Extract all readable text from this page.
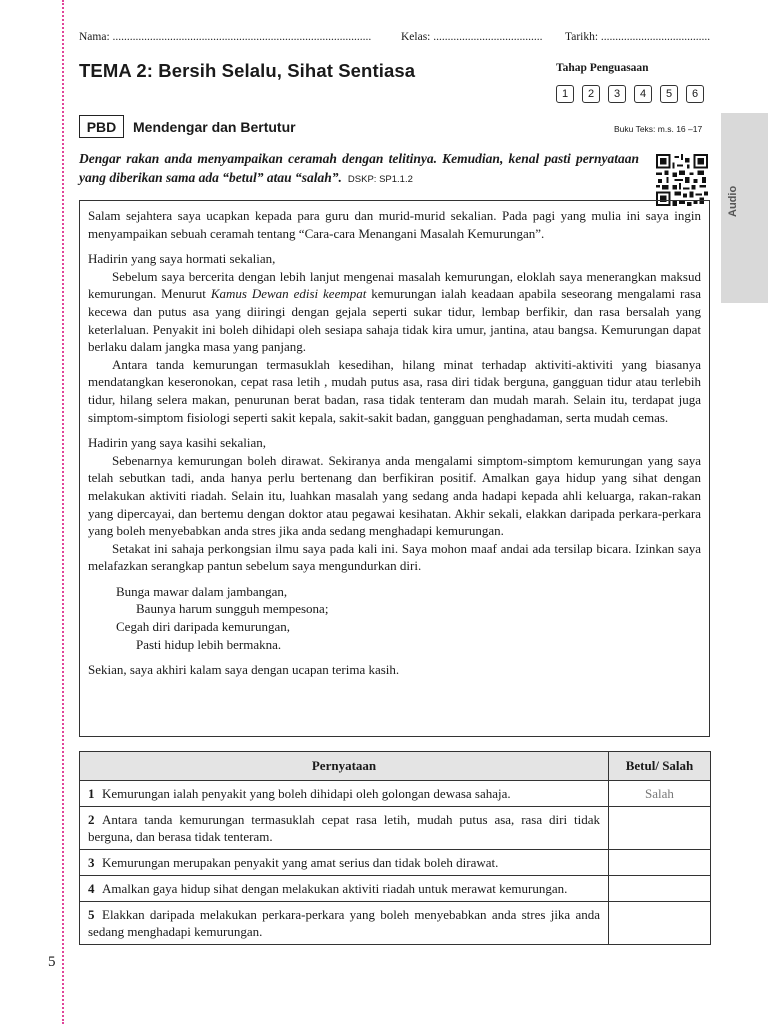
5
Nama: ..........................................................................................	Kelas: ...................................... Tarikh: ......................................
TEMA 2: Bersih Selalu, Sihat Sentiasa	Tahap Penguasaan
1	2	3	4	5	6
PBD	Mendengar dan Bertutur	Buku Teks: m.s. 16 –17
Dengar rakan anda menyampaikan ceramah dengan telitinya. Kemudian, kenal pasti pernyataan yang diberikan sama ada “betul” atau “salah”. DSKP: SP1.1.2
Audio

Salam sejahtera saya ucapkan kepada para guru dan murid-murid sekalian. Pada pagi yang mulia ini saya ingin menyampaikan sebuah ceramah tentang “Cara-cara Menangani Masalah Kemurungan”.

Hadirin yang saya hormati sekalian,

Sebelum saya bercerita dengan lebih lanjut mengenai masalah kemurungan, eloklah saya menerangkan maksud kemurungan. Menurut Kamus Dewan edisi keempat kemurungan ialah keadaan apabila seseorang mengalami rasa kecewa dan putus asa yang diiringi dengan gejala seperti sukar tidur, lembap berfikir, dan rasa bersalah yang keterlaluan. Penyakit ini boleh dihidapi oleh sesiapa sahaja tidak kira umur, jantina, atau bangsa. Kemurungan dapat berlaku dalam jangka masa yang panjang.

Antara tanda kemurungan termasuklah kesedihan, hilang minat terhadap aktiviti-aktiviti yang biasanya mendatangkan keseronokan, cepat rasa letih , mudah putus asa, rasa diri tidak berguna, gangguan tidur atau terlebih tidur, hilang selera makan, penurunan berat badan, rasa tidak tenteram dan mudah marah. Selain itu, terdapat juga simptom-simptom fisiologi seperti sakit kepala, sakit-sakit badan, gangguan penghadaman, serta mudah cemas.

Hadirin yang saya kasihi sekalian,

Sebenarnya kemurungan boleh dirawat. Sekiranya anda mengalami simptom-simptom kemurungan yang saya telah sebutkan tadi, anda hanya perlu bertenang dan berfikiran positif. Amalkan gaya hidup yang sihat dengan melakukan aktiviti riadah. Selain itu, luahkan masalah yang sedang anda hadapi kepada ahli keluarga, rakan-rakan yang dipercayai, dan bertemu dengan doktor atau pegawai kesihatan. Akhir sekali, elakkan daripada perkara-perkara yang boleh menyebabkan anda stres jika anda sedang menghadapi kemurungan.

Setakat ini sahaja perkongsian ilmu saya pada kali ini. Saya mohon maaf andai ada tersilap bicara. Izinkan saya melafazkan serangkap pantun sebelum saya mengundurkan diri.

Bunga mawar dalam jambangan,
Baunya harum sungguh mempesona;
Cegah diri daripada kemurungan,
Pasti hidup lebih bermakna.

Sekian, saya akhiri kalam saya dengan ucapan terima kasih.

Pernyataan	Betul/ Salah
1 Kemurungan ialah penyakit yang boleh dihidapi oleh golongan dewasa sahaja.	Salah
2 Antara tanda kemurungan termasuklah cepat rasa letih, mudah putus asa, rasa diri tidak berguna, dan berasa tidak tenteram.	
3 Kemurungan merupakan penyakit yang amat serius dan tidak boleh dirawat.	
4 Amalkan gaya hidup sihat dengan melakukan aktiviti riadah untuk merawat kemurungan.	
5 Elakkan daripada melakukan perkara-perkara yang boleh menyebabkan anda stres jika anda sedang menghadapi kemurungan.	
